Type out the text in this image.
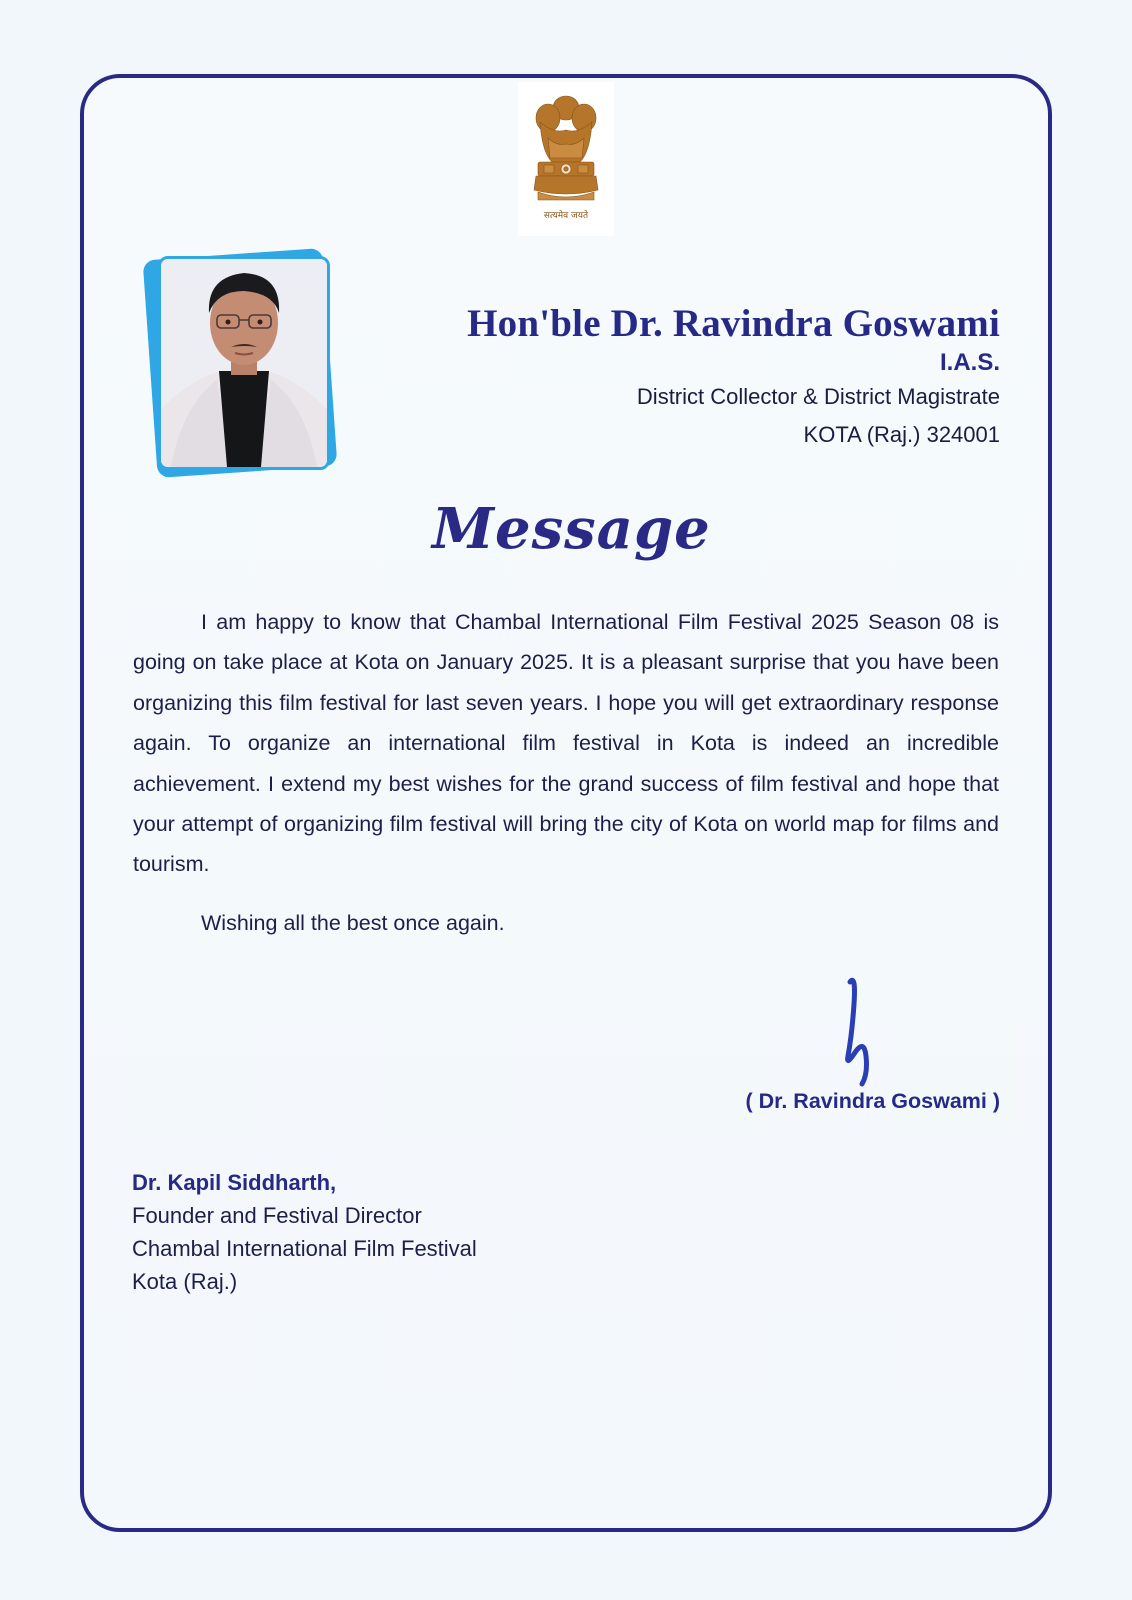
सत्यमेव जयते
Hon'ble Dr. Ravindra Goswami
I.A.S.
District Collector & District Magistrate
KOTA (Raj.) 324001
Message

I am happy to know that Chambal International Film Festival 2025 Season 08 is going on take place at Kota on January 2025. It is a pleasant surprise that you have been organizing this film festival for last seven years. I hope you will get extraordinary response again. To organize an international film festival in Kota is indeed an incredible achievement. I extend my best wishes for the grand success of film festival and hope that your attempt of organizing film festival will bring the city of Kota on world map for films and tourism.

Wishing all the best once again.
( Dr. Ravindra Goswami )
Dr. Kapil Siddharth,
Founder and Festival Director
Chambal International Film Festival
Kota (Raj.)
